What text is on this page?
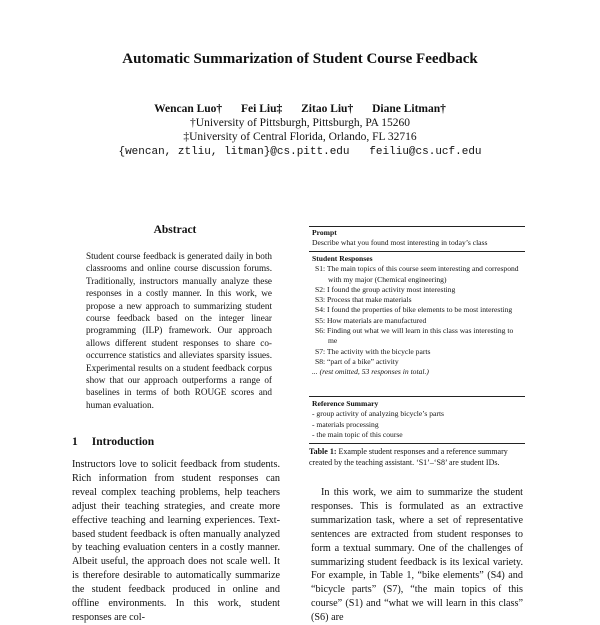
Automatic Summarization of Student Course Feedback
Wencan Luo† Fei Liu‡ Zitao Liu† Diane Litman†
†University of Pittsburgh, Pittsburgh, PA 15260
‡University of Central Florida, Orlando, FL 32716
{wencan, ztliu, litman}@cs.pitt.edu   feiliu@cs.ucf.edu
Abstract
Student course feedback is generated daily in both classrooms and online course discussion forums. Traditionally, instructors manually analyze these responses in a costly manner. In this work, we propose a new approach to summarizing student course feedback based on the integer linear programming (ILP) framework. Our approach allows different student responses to share co-occurrence statistics and alleviates sparsity issues. Experimental results on a student feedback corpus show that our approach outperforms a range of baselines in terms of both ROUGE scores and human evaluation.
1 Introduction
Instructors love to solicit feedback from students. Rich information from student responses can reveal complex teaching problems, help teachers adjust their teaching strategies, and create more effective teaching and learning experiences. Text-based student feedback is often manually analyzed by teaching evaluation centers in a costly manner. Albeit useful, the approach does not scale well. It is therefore desirable to automatically summarize the student feedback produced in online and offline environments. In this work, student responses are col-

Prompt

Describe what you found most interesting in today’s class

Student Responses

S1: The main topics of this course seem interesting and correspond with my major (Chemical engineering)

S2: I found the group activity most interesting

S3: Process that make materials

S4: I found the properties of bike elements to be most interesting

S5: How materials are manufactured

S6: Finding out what we will learn in this class was interesting to me

S7: The activity with the bicycle parts

S8: “part of a bike” activity

... (rest omitted, 53 responses in total.)

Reference Summary

- group activity of analyzing bicycle’s parts

- materials processing

- the main topic of this course

Table 1: Example student responses and a reference summary created by the teaching assistant. ‘S1’–‘S8’ are student IDs.
In this work, we aim to summarize the student responses. This is formulated as an extractive summarization task, where a set of representative sentences are extracted from student responses to form a textual summary. One of the challenges of summarizing student feedback is its lexical variety. For example, in Table 1, “bike elements” (S4) and “bicycle parts” (S7), “the main topics of this course” (S1) and “what we will learn in this class” (S6) are
